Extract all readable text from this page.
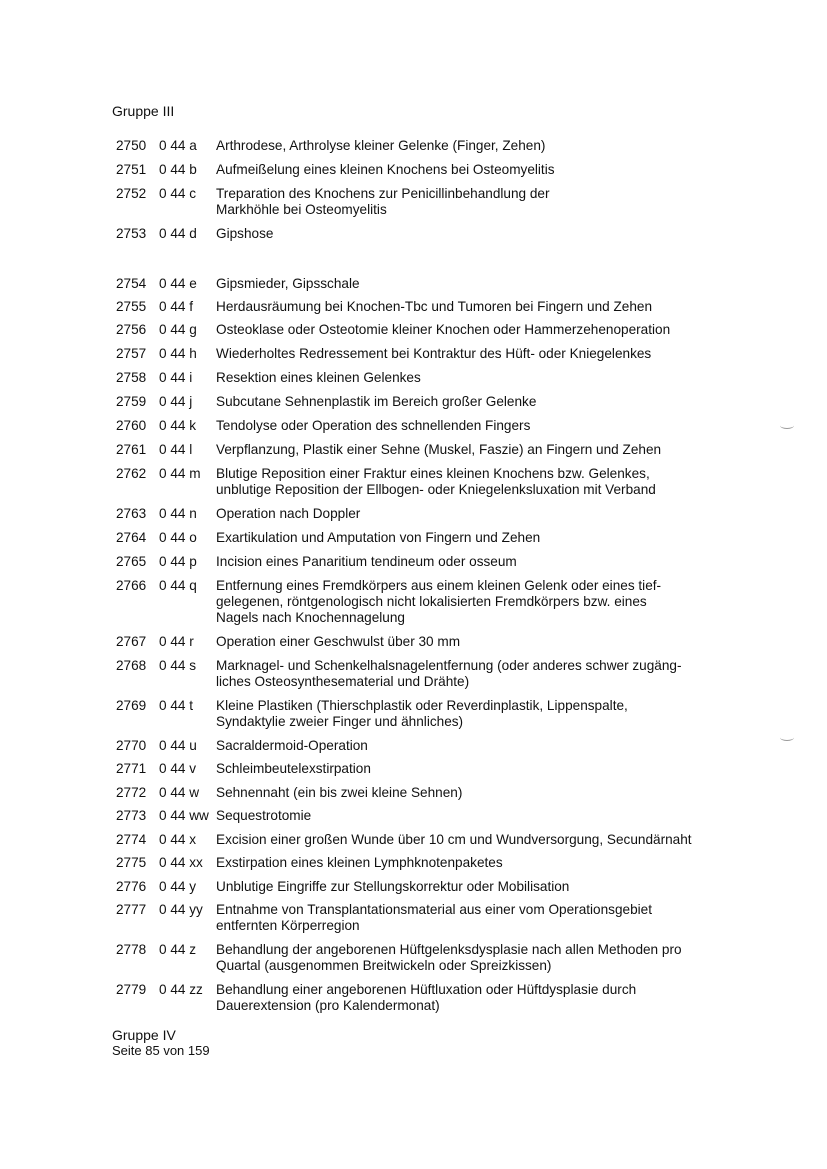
Gruppe III
2750 0 44 a Arthrodese, Arthrolyse kleiner Gelenke (Finger, Zehen)
2751 0 44 b Aufmeißelung eines kleinen Knochens bei Osteomyelitis
2752 0 44 c Treparation des Knochens zur Penicillinbehandlung der
Markhöhle bei Osteomyelitis
2753 0 44 d Gipshose
2754 0 44 e Gipsmieder, Gipsschale
2755 0 44 f Herdausräumung bei Knochen-Tbc und Tumoren bei Fingern und Zehen
2756 0 44 g Osteoklase oder Osteotomie kleiner Knochen oder Hammerzehenoperation
2757 0 44 h Wiederholtes Redressement bei Kontraktur des Hüft- oder Kniegelenkes
2758 0 44 i Resektion eines kleinen Gelenkes
2759 0 44 j Subcutane Sehnenplastik im Bereich großer Gelenke
2760 0 44 k Tendolyse oder Operation des schnellenden Fingers
2761 0 44 l Verpflanzung, Plastik einer Sehne (Muskel, Faszie) an Fingern und Zehen
2762 0 44 m Blutige Reposition einer Fraktur eines kleinen Knochens bzw. Gelenkes,
unblutige Reposition der Ellbogen- oder Kniegelenksluxation mit Verband
2763 0 44 n Operation nach Doppler
2764 0 44 o Exartikulation und Amputation von Fingern und Zehen
2765 0 44 p Incision eines Panaritium tendineum oder osseum
2766 0 44 q Entfernung eines Fremdkörpers aus einem kleinen Gelenk oder eines tief-
gelegenen, röntgenologisch nicht lokalisierten Fremdkörpers bzw. eines
Nagels nach Knochennagelung
2767 0 44 r Operation einer Geschwulst über 30 mm
2768 0 44 s Marknagel- und Schenkelhalsnagelentfernung (oder anderes schwer zugäng-
liches Osteosynthesematerial und Drähte)
2769 0 44 t Kleine Plastiken (Thierschplastik oder Reverdinplastik, Lippenspalte,
Syndaktylie zweier Finger und ähnliches)
2770 0 44 u Sacraldermoid-Operation
2771 0 44 v Schleimbeutelexstirpation
2772 0 44 w Sehnennaht (ein bis zwei kleine Sehnen)
2773 0 44 ww Sequestrotomie
2774 0 44 x Excision einer großen Wunde über 10 cm und Wundversorgung, Secundärnaht
2775 0 44 xx Exstirpation eines kleinen Lymphknotenpaketes
2776 0 44 y Unblutige Eingriffe zur Stellungskorrektur oder Mobilisation
2777 0 44 yy Entnahme von Transplantationsmaterial aus einer vom Operationsgebiet
entfernten Körperregion
2778 0 44 z Behandlung der angeborenen Hüftgelenksdysplasie nach allen Methoden pro
Quartal (ausgenommen Breitwickeln oder Spreizkissen)
2779 0 44 zz Behandlung einer angeborenen Hüftluxation oder Hüftdysplasie durch
Dauerextension (pro Kalendermonat)
Gruppe IV
Seite 85 von 159
